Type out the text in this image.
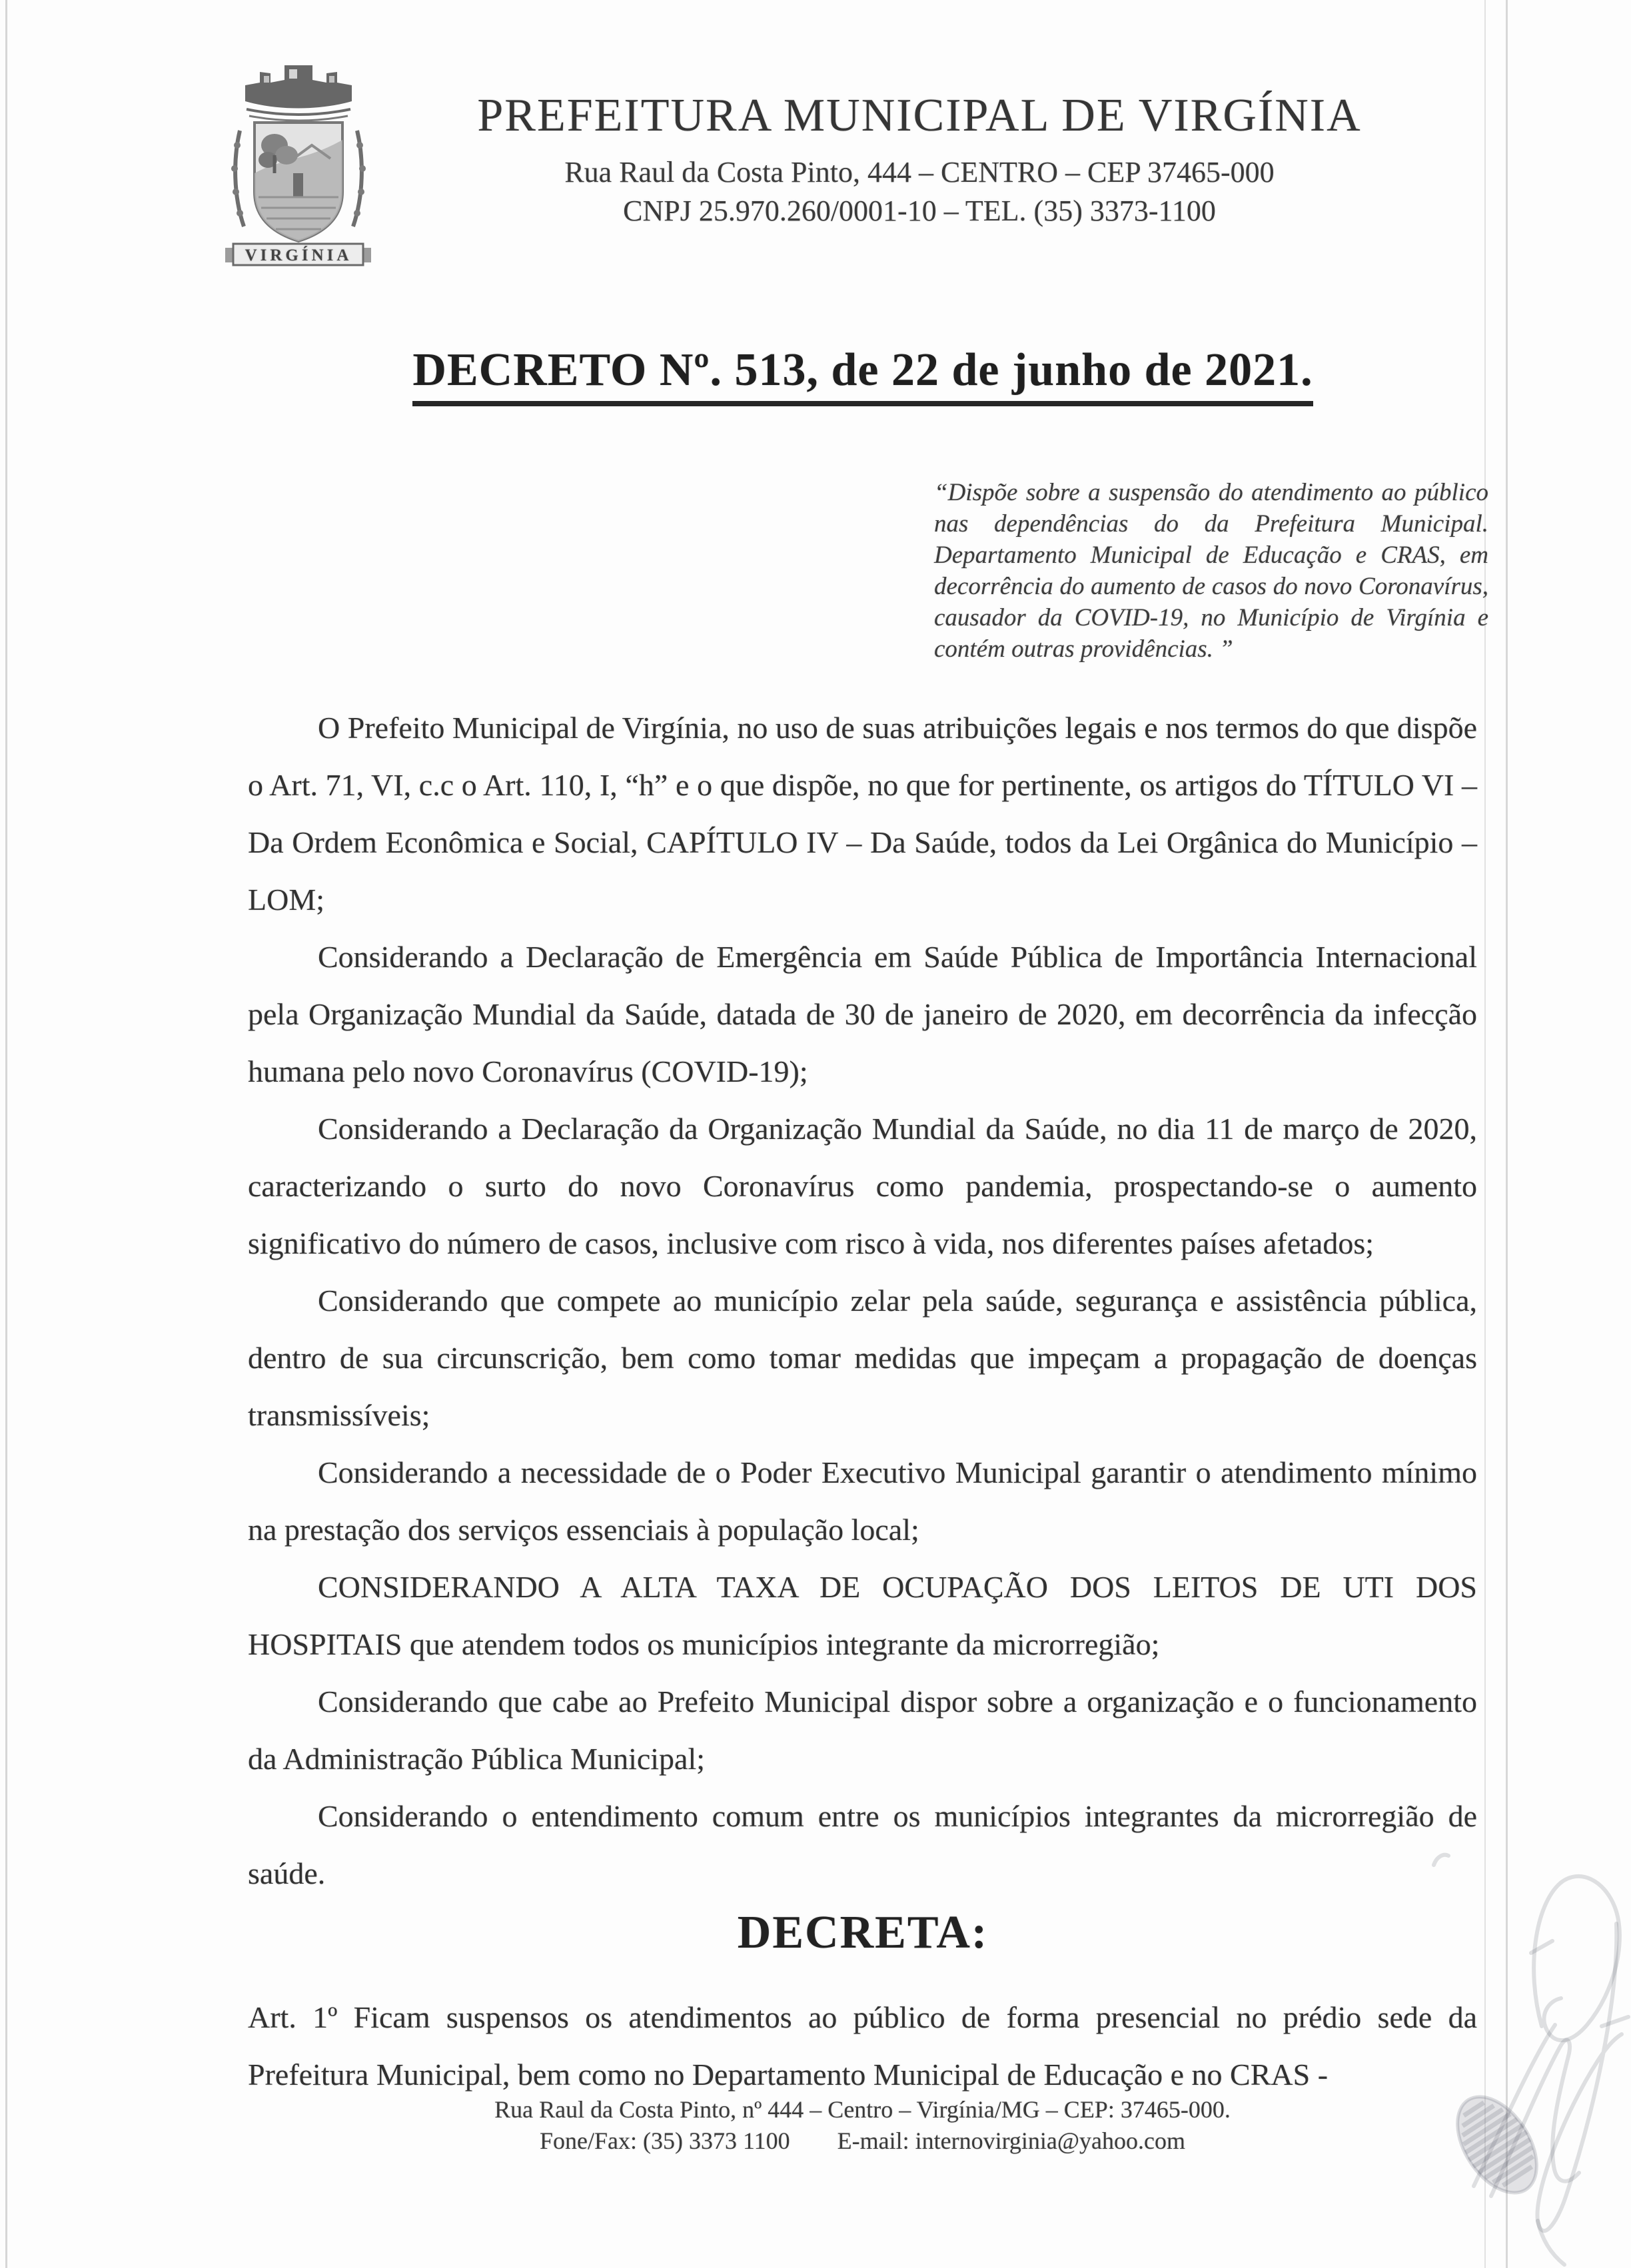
VIRGÍNIA
PREFEITURA MUNICIPAL DE VIRGÍNIA
Rua Raul da Costa Pinto, 444 – CENTRO – CEP 37465-000
CNPJ 25.970.260/0001-10 – TEL. (35) 3373-1100
DECRETO Nº. 513, de 22 de junho de 2021.
“Dispõe sobre a suspensão do atendimento ao público nas dependências do da Prefeitura Municipal. Departamento Municipal de Educação e CRAS, em decorrência do aumento de casos do novo Coronavírus, causador da COVID-19, no Município de Virgínia e contém outras providências. ”

O Prefeito Municipal de Virgínia, no uso de suas atribuições legais e nos termos do que dispõe o Art. 71, VI, c.c o Art. 110, I, “h” e o que dispõe, no que for pertinente, os artigos do TÍTULO VI – Da Ordem Econômica e Social, CAPÍTULO IV – Da Saúde, todos da Lei Orgânica do Município – LOM;

Considerando a Declaração de Emergência em Saúde Pública de Importância Internacional pela Organização Mundial da Saúde, datada de 30 de janeiro de 2020, em decorrência da infecção humana pelo novo Coronavírus (COVID-19);

Considerando a Declaração da Organização Mundial da Saúde, no dia 11 de março de 2020, caracterizando o surto do novo Coronavírus como pandemia, prospectando-se o aumento significativo do número de casos, inclusive com risco à vida, nos diferentes países afetados;

Considerando que compete ao município zelar pela saúde, segurança e assistência pública, dentro de sua circunscrição, bem como tomar medidas que impeçam a propagação de doenças transmissíveis;

Considerando a necessidade de o Poder Executivo Municipal garantir o atendimento mínimo na prestação dos serviços essenciais à população local;

CONSIDERANDO A ALTA TAXA DE OCUPAÇÃO DOS LEITOS DE UTI DOS HOSPITAIS que atendem todos os municípios integrante da microrregião;

Considerando que cabe ao Prefeito Municipal dispor sobre a organização e o funcionamento da Administração Pública Municipal;

Considerando o entendimento comum entre os municípios integrantes da microrregião de saúde.

DECRETA:
Art. 1º Ficam suspensos os atendimentos ao público de forma presencial no prédio sede da Prefeitura Municipal, bem como no Departamento Municipal de Educação e no CRAS -
Rua Raul da Costa Pinto, nº 444 – Centro – Virgínia/MG – CEP: 37465-000.
Fone/Fax: (35) 3373 1100 E-mail: internovirginia@yahoo.com
